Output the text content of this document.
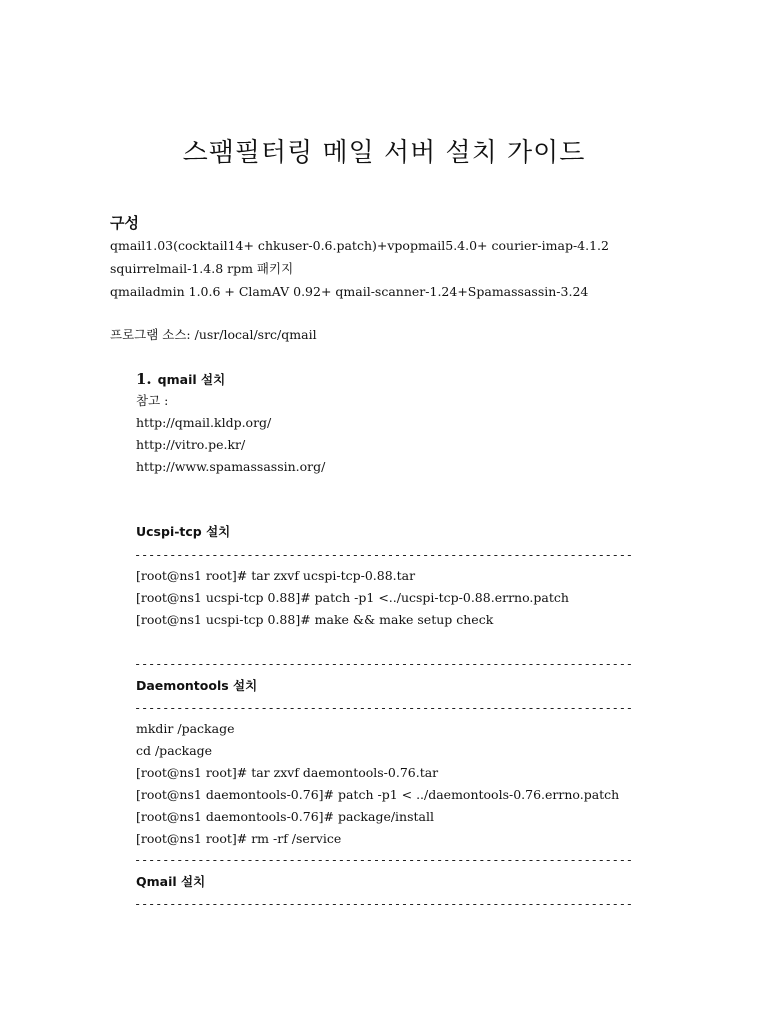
스팸필터링 메일 서버 설치 가이드
구성
qmail1.03(cocktail14+ chkuser-0.6.patch)+vpopmail5.4.0+ courier-imap-4.1.2
squirrelmail-1.4.8 rpm 패키지
qmailadmin 1.0.6 + ClamAV 0.92+ qmail-scanner-1.24+Spamassassin-3.24
프로그램 소스: /usr/local/src/qmail
1. qmail 설치
참고 :
http://qmail.kldp.org/
http://vitro.pe.kr/
http://www.spamassassin.org/
Ucspi-tcp 설치
-----
[root@ns1 root]# tar zxvf ucspi-tcp-0.88.tar
[root@ns1 ucspi-tcp 0.88]# patch -p1 <../ucspi-tcp-0.88.errno.patch
[root@ns1 ucspi-tcp 0.88]# make && make setup check
-----
Daemontools 설치
-----
mkdir /package
cd /package
[root@ns1 root]# tar zxvf daemontools-0.76.tar
[root@ns1 daemontools-0.76]# patch -p1 < ../daemontools-0.76.errno.patch
[root@ns1 daemontools-0.76]# package/install
[root@ns1 root]# rm -rf /service
-----
Qmail 설치
-----
